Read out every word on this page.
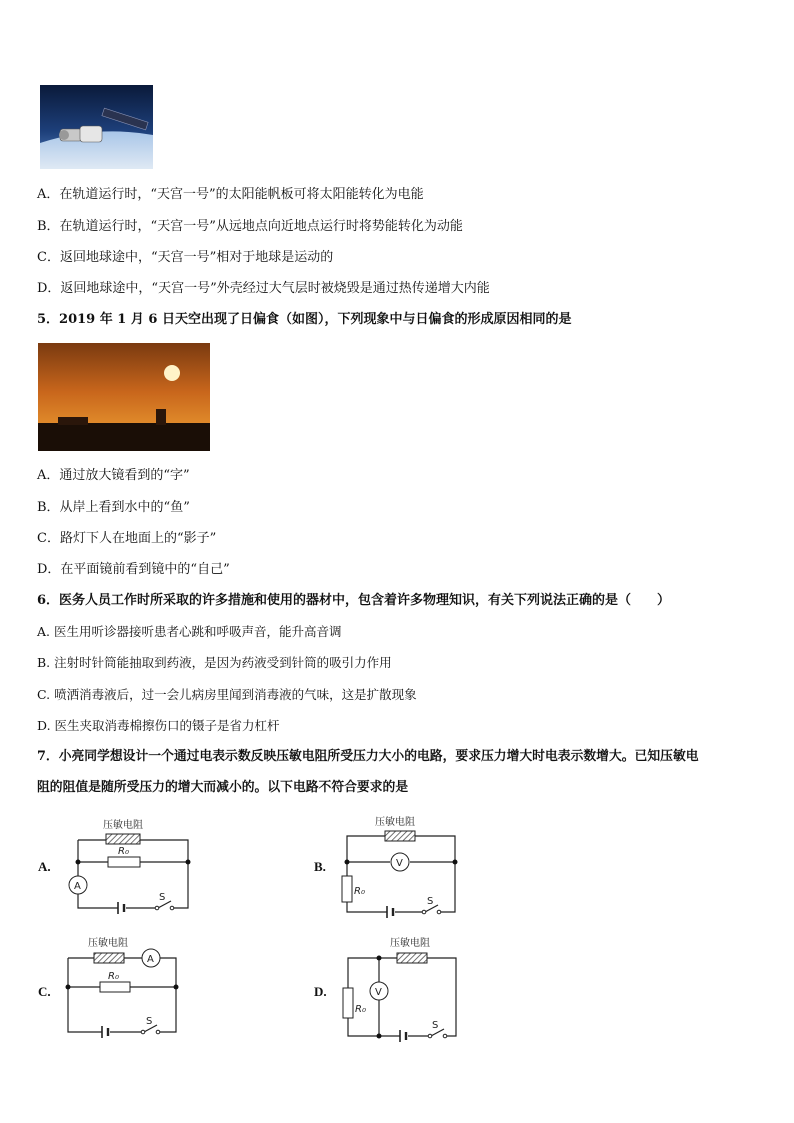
A．在轨道运行时，“天宫一号”的太阳能帆板可将太阳能转化为电能
B．在轨道运行时，“天宫一号”从远地点向近地点运行时将势能转化为动能
C．返回地球途中，“天宫一号”相对于地球是运动的
D．返回地球途中，“天宫一号”外壳经过大气层时被烧毁是通过热传递增大内能
5．2019 年 1 月 6 日天空出现了日偏食（如图），下列现象中与日偏食的形成原因相同的是
A．通过放大镜看到的“字”
B．从岸上看到水中的“鱼”
C．路灯下人在地面上的“影子”
D．在平面镜前看到镜中的“自己”
6．医务人员工作时所采取的许多措施和使用的器材中，包含着许多物理知识，有关下列说法正确的是（　　）
A. 医生用听诊器接听患者心跳和呼吸声音，能升高音调
B. 注射时针筒能抽取到药液，是因为药液受到针筒的吸引力作用
C. 喷洒消毒液后，过一会儿病房里闻到消毒液的气味，这是扩散现象
D. 医生夹取消毒棉擦伤口的镊子是省力杠杆
7．小亮同学想设计一个通过电表示数反映压敏电阻所受压力大小的电路，要求压力增大时电表示数增大。已知压敏电
阻的阻值是随所受压力的增大而减小的。以下电路不符合要求的是
A.
压敏电阻
R₀
A
S
B.
压敏电阻
R₀
V
S
C.
压敏电阻
R₀
A
S
D.
压敏电阻
R₀
V
S
